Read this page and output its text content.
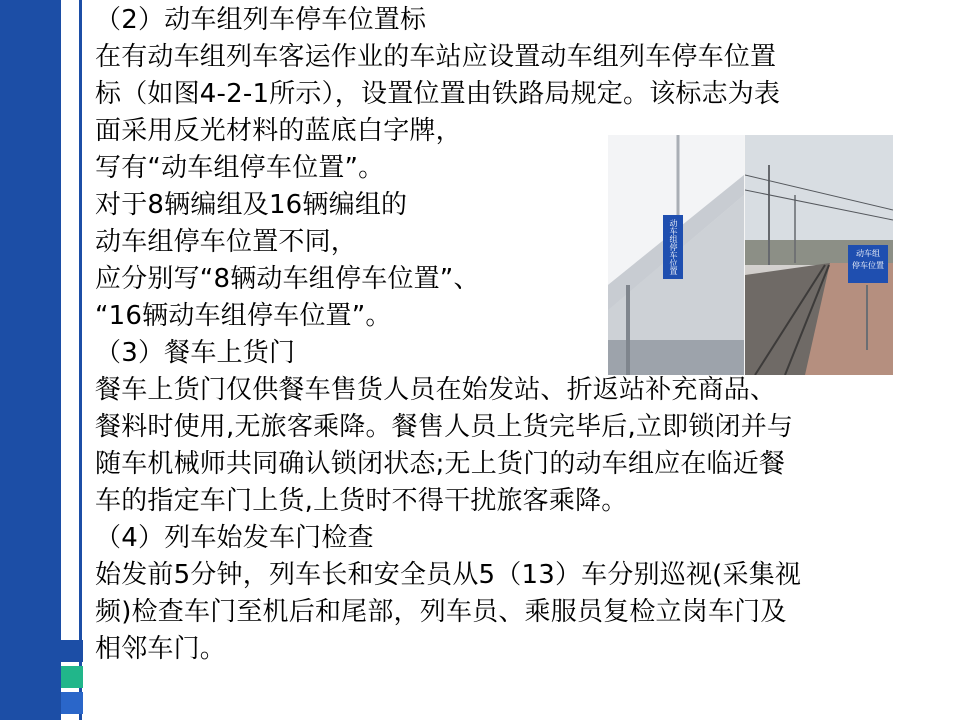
（2）动车组列车停车位置标
在有动车组列车客运作业的车站应设置动车组列车停车位置
标（如图4-2-1所示），设置位置由铁路局规定。该标志为表
面采用反光材料的蓝底白字牌，
写有“动车组停车位置”。
对于8辆编组及16辆编组的
动车组停车位置不同，
应分别写“8辆动车组停车位置”、
“16辆动车组停车位置”。
（3）餐车上货门
餐车上货门仅供餐车售货人员在始发站、折返站补充商品、
餐料时使用,无旅客乘降。餐售人员上货完毕后,立即锁闭并与
随车机械师共同确认锁闭状态;无上货门的动车组应在临近餐
车的指定车门上货,上货时不得干扰旅客乘降。
（4）列车始发车门检查
始发前5分钟，列车长和安全员从5（13）车分别巡视(采集视
频)检查车门至机后和尾部，列车员、乘服员复检立岗车门及
相邻车门。
动车组停车位置	动车组
停车位置
